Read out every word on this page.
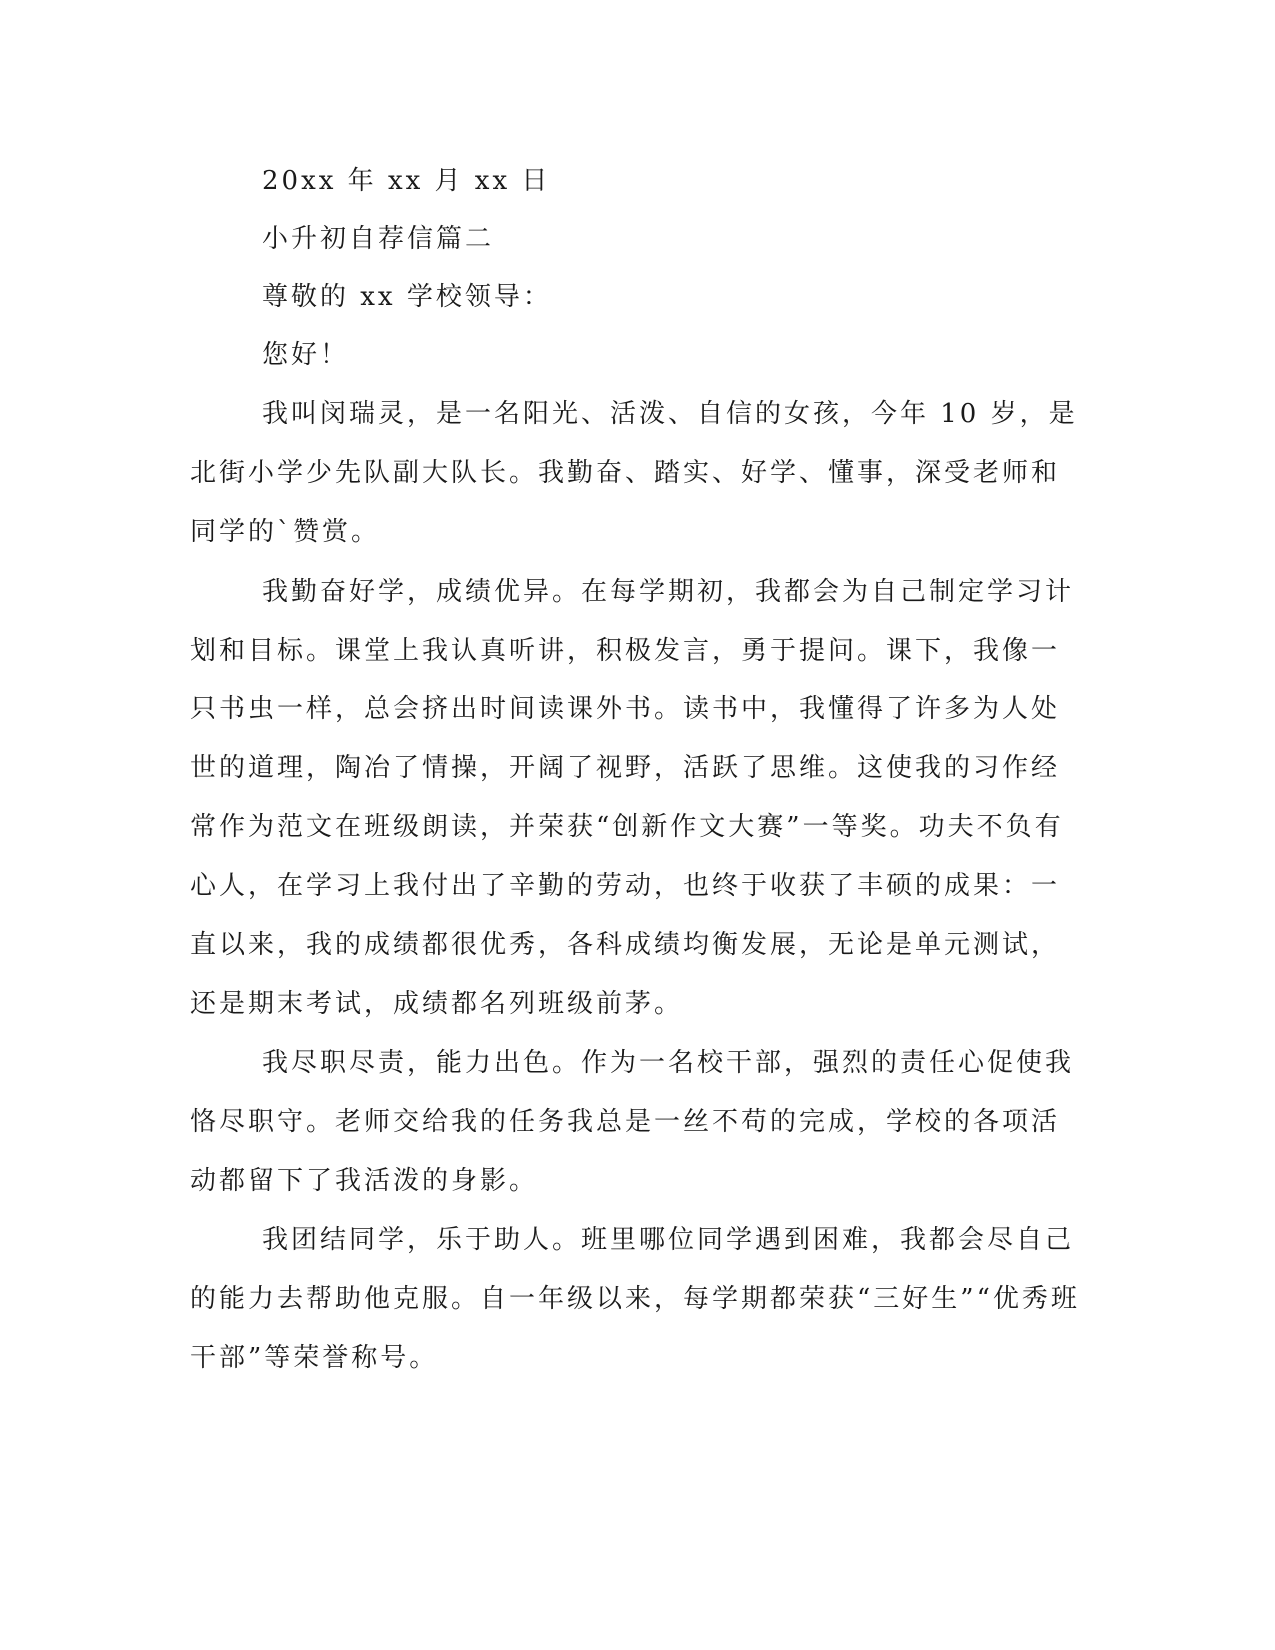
20xx 年 xx 月 xx 日
小升初自荐信篇二
尊敬的 xx 学校领导：
您好！
我叫闵瑞灵，是一名阳光、活泼、自信的女孩，今年 10 岁，是
北街小学少先队副大队长。我勤奋、踏实、好学、懂事，深受老师和
同学的`赞赏。
我勤奋好学，成绩优异。在每学期初，我都会为自己制定学习计
划和目标。课堂上我认真听讲，积极发言，勇于提问。课下，我像一
只书虫一样，总会挤出时间读课外书。读书中，我懂得了许多为人处
世的道理，陶冶了情操，开阔了视野，活跃了思维。这使我的习作经
常作为范文在班级朗读，并荣获“创新作文大赛”一等奖。功夫不负有
心人，在学习上我付出了辛勤的劳动，也终于收获了丰硕的成果：一
直以来，我的成绩都很优秀，各科成绩均衡发展，无论是单元测试，
还是期末考试，成绩都名列班级前茅。
我尽职尽责，能力出色。作为一名校干部，强烈的责任心促使我
恪尽职守。老师交给我的任务我总是一丝不苟的完成，学校的各项活
动都留下了我活泼的身影。
我团结同学，乐于助人。班里哪位同学遇到困难，我都会尽自己
的能力去帮助他克服。自一年级以来，每学期都荣获“三好生”“优秀班
干部”等荣誉称号。
